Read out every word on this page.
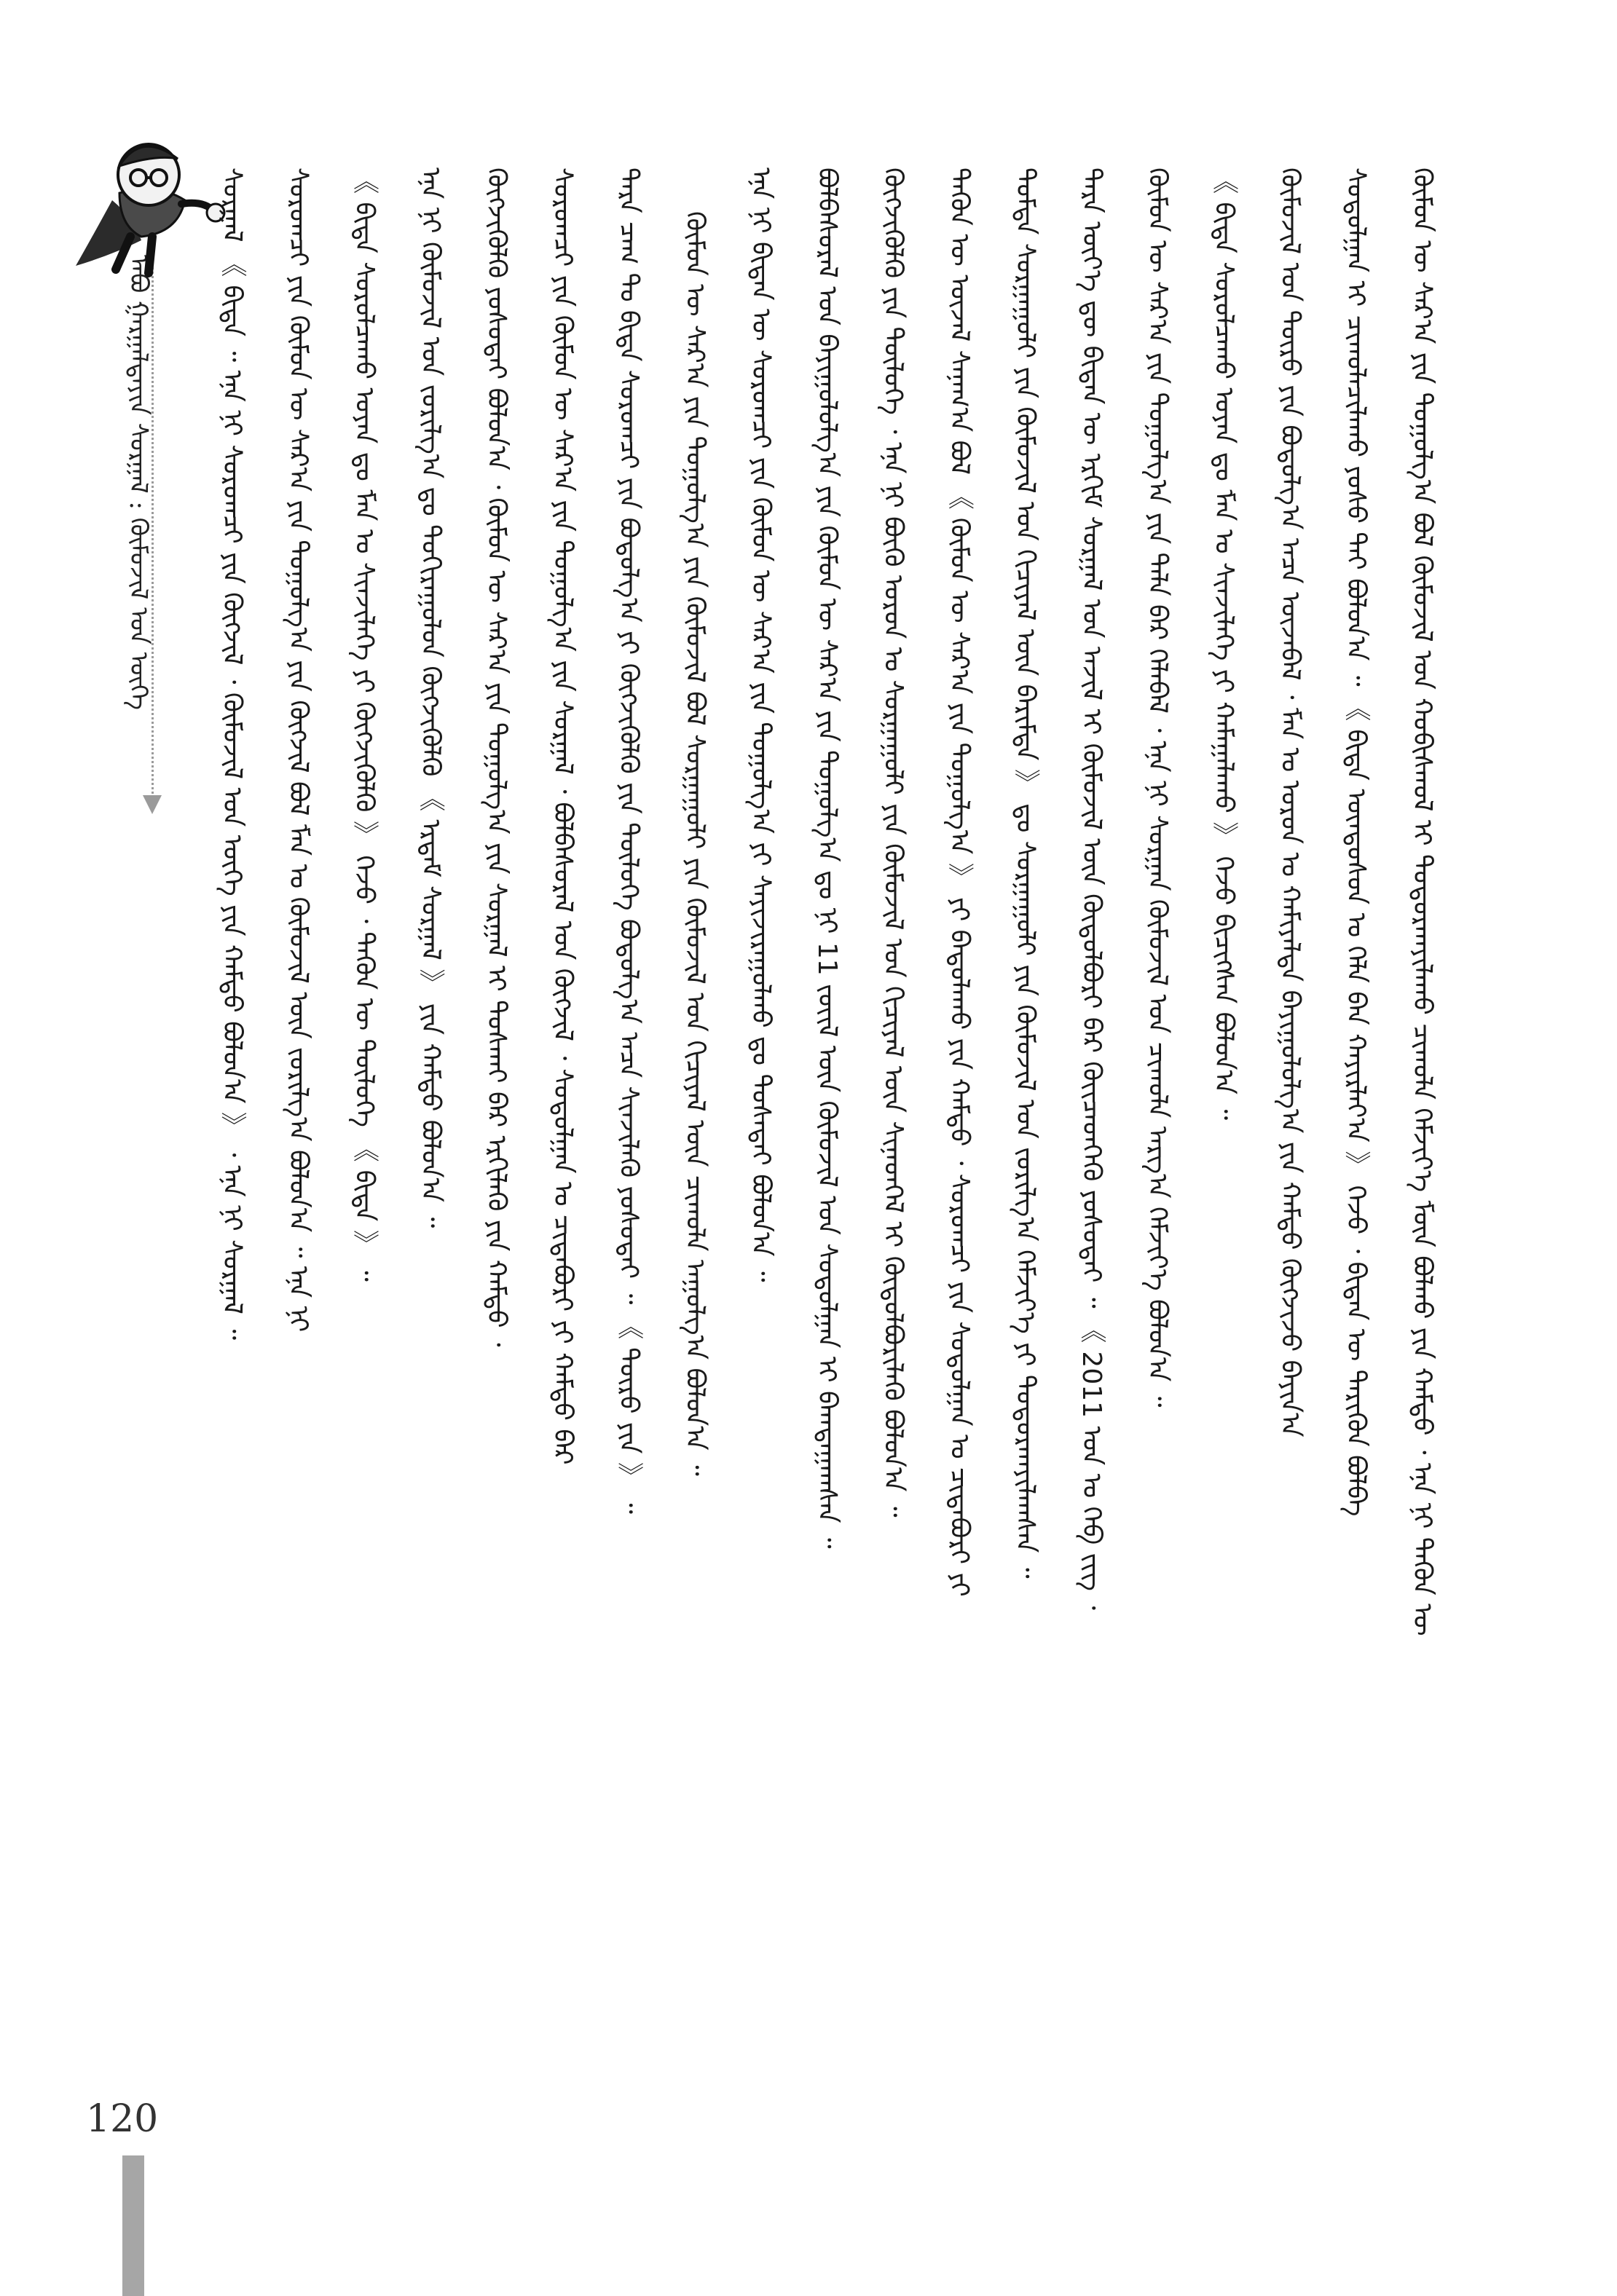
ᠠᠪᠤ ᠭᠠᠷᠭᠠᠯᠲᠠᠶᠢᠨ ᠰᠤᠷᠭᠠᠯ : ᠬᠦᠮᠦᠵᠢᠯ ᠤᠨ ᠦᠭᠡ
120
ᠬᠦᠮᠦᠨ ᠦ ᠰᠠᠷ᠎ᠠ ᠶᠢᠨ ᠲᠣᠭᠤᠯᠭ᠎ᠠ ᠪᠣᠯ ᠬᠦᠮᠦᠵᠢᠯ ᠤᠨ ᠬᠤᠪᠢᠰᠬᠤᠯ ᠢ ᠲᠣᠳᠣᠷᠬᠠᠶᠢᠯᠠᠬᠤ ᠴᠢᠬᠤᠯᠠ ᠬᠡᠮᠵᠢᠶ᠎ᠡ ᠮᠥᠨ ᠪᠣᠯᠬᠤ ᠶᠢᠨ ᠬᠠᠮᠲᠤ ᠂ ᠡᠨᠡ ᠨᠢ ᠲᠡᠭᠦᠨ ᠦ
ᠰᠤᠳᠤᠯᠭᠠᠨ ᠢ ᠴᠢᠬᠤᠯᠠᠴᠢᠯᠠᠬᠤ ᠶᠣᠰᠣ ᠲᠠᠢ ᠪᠣᠯᠤᠨ᠎ᠠ ᠃ 《 ᠪᠢᠳᠡ ᠦᠨᠳᠦᠰᠦᠨ ᠤ ᠬᠡᠯᠡ ᠪᠡᠨ ᠬᠠᠶᠢᠷᠯᠠᠶ᠎ᠠ 》 ᠭᠡᠵᠦ ᠂ ᠪᠢᠳᠡᠨ ᠦ ᠲᠡᠷᠢᠭᠦᠨ ᠪᠣᠯᠪᠠ
ᠬᠦᠮᠦᠵᠢᠯ ᠤᠨ ᠲᠦᠷᠦ ᠶᠢᠨ ᠪᠣᠳᠣᠯᠭ᠎ᠠ ᠠᠴᠠ ᠦᠵᠡᠪᠡᠯ ᠂ ᠮᠠᠨ ᠤ ᠣᠷᠣᠨ ᠤ ᠬᠠᠮᠢᠶᠠᠯᠲᠠ ᠪᠠᠶᠢᠭᠤᠯᠤᠯᠭ᠎ᠠ ᠶᠢᠨ ᠬᠠᠮᠲᠤ ᠬᠥᠭᠵᠢᠵᠦ ᠪᠠᠶᠢᠨ᠎ᠠ
《 ᠪᠢᠳᠡ ᠰᠤᠷᠤᠯᠴᠠᠬᠤ ᠤᠶᠠᠨ ᠳᠤ ᠮᠠᠨ ᠤ ᠰᠢᠨᠵᠢᠯᠡᠭᠡ ᠶᠢ ᠬᠠᠮᠠᠭᠠᠯᠠᠬᠤ 》 ᠭᠡᠵᠦ ᠪᠢᠴᠢᠭᠰᠡᠨ ᠪᠣᠯᠤᠨ᠎ᠠ ᠃
ᠬᠦᠮᠦᠨ ᠦ ᠰᠠᠷ᠎ᠠ ᠶᠢᠨ ᠲᠣᠭᠤᠯᠭ᠎ᠠ ᠶᠢᠨ ᠲᠠᠯᠠ ᠪᠠᠷ ᠬᠡᠯᠡᠪᠡᠯ ᠂ ᠡᠨᠡ ᠨᠢ ᠰᠤᠷᠭᠠᠨ ᠬᠦᠮᠦᠵᠢᠯ ᠤᠨ ᠴᠢᠬᠤᠯᠠ ᠠᠷᠭ᠎ᠠ ᠬᠡᠮᠵᠢᠶ᠎ᠡ ᠪᠣᠯᠤᠨ᠎ᠠ ᠃
ᠲᠡᠷᠡ ᠦᠶ᠎ᠡ ᠳᠦ ᠪᠢᠳᠡᠨ ᠦ ᠡᠷᠬᠢᠮ ᠰᠤᠷᠭᠠᠯ ᠤᠨ ᠠᠵᠢᠯ ᠢ ᠬᠦᠮᠦᠵᠢᠯ ᠦᠨ ᠬᠥᠲᠥᠯᠪᠦᠷᠢ ᠪᠡᠷ ᠭᠦᠢᠴᠡᠳᠬᠡᠬᠦ ᠶᠣᠰᠣᠲᠠᠢ ᠃ 《 2011 ᠣᠨ ᠤ ᠬᠡᠪ ᠵᠢᠭ ᠂
ᠳᠤᠮᠳᠠ ᠰᠤᠷᠭᠠᠭᠤᠯᠢ ᠶᠢᠨ ᠬᠦᠮᠦᠵᠢᠯ ᠤᠨ ᠬᠢᠴᠢᠶᠡᠯ ᠦᠨ ᠪᠠᠷᠢᠮᠲᠠ 》 ᠳᠤ ᠰᠤᠷᠭᠠᠭᠤᠯᠢ ᠶᠢᠨ ᠬᠦᠮᠦᠵᠢᠯ ᠤᠨ ᠵᠣᠷᠢᠯᠭ᠎ᠠ ᠬᠡᠮᠵᠢᠶ᠎ᠡ ᠶᠢ ᠲᠣᠳᠣᠷᠬᠠᠶᠢᠯᠠᠭᠰᠠᠨ ᠃
ᠲᠡᠭᠦᠨ ᠦ ᠦᠵᠡᠯ ᠰᠠᠨᠠᠭ᠎ᠠ ᠪᠣᠯ 《 ᠬᠦᠮᠦᠨ ᠦ ᠰᠠᠷ᠎ᠠ ᠶᠢᠨ ᠲᠣᠭᠤᠯᠭ᠎ᠠ 》 ᠶᠢ ᠪᠠᠲᠤᠯᠠᠬᠤ ᠶᠢᠨ ᠬᠠᠮᠲᠤ ᠂ ᠰᠤᠷᠤᠭᠴᠢ ᠶᠢᠨ ᠰᠤᠳᠤᠯᠭᠠᠨ ᠤ ᠴᠢᠳᠠᠪᠤᠷᠢ ᠶᠢ
ᠬᠥᠭᠵᠢᠭᠦᠯᠬᠦ ᠶᠢᠨ ᠲᠥᠯᠥᠭᠡ ᠂ ᠡᠨᠡ ᠨᠢ ᠪᠦᠬᠦ ᠣᠷᠣᠨ ᠤ ᠰᠤᠷᠭᠠᠭᠤᠯᠢ ᠶᠢᠨ ᠬᠦᠮᠦᠵᠢᠯ ᠤᠨ ᠬᠢᠴᠢᠶᠡᠯ ᠦᠨ ᠰᠢᠨᠡᠳᠬᠡᠯ ᠢ ᠬᠥᠲᠥᠯᠪᠦᠷᠢᠯᠡᠬᠦ ᠪᠣᠯᠤᠨ᠎ᠠ ᠃
ᠪᠣᠯᠪᠠᠰᠤᠷᠠᠯ ᠤᠨ ᠪᠠᠶᠢᠭᠤᠯᠤᠯᠭ᠎ᠠ ᠶᠢᠨ ᠬᠦᠮᠦᠨ ᠦ ᠰᠠᠷ᠎ᠠ ᠶᠢᠨ ᠲᠣᠭᠤᠯᠭ᠎ᠠ ᠳᠤ ᠨᠢ 11 ᠵᠦᠢᠯ ᠦᠨ ᠬᠦᠮᠦᠵᠢᠯ ᠤᠨ ᠰᠤᠳᠤᠯᠭᠠᠨ ᠢ ᠪᠠᠭᠲᠠᠭᠠᠭᠰᠠᠨ ᠃
ᠡᠨᠡ ᠨᠢ ᠪᠢᠳᠡᠨ ᠦ ᠰᠤᠷᠤᠭᠴᠢ ᠶᠢᠨ ᠬᠦᠮᠦᠨ ᠦ ᠰᠠᠷ᠎ᠠ ᠶᠢᠨ ᠲᠣᠭᠤᠯᠭ᠎ᠠ ᠶᠢ ᠰᠠᠶᠢᠵᠢᠷᠠᠭᠤᠯᠬᠤ ᠳᠤ ᠲᠣᠰᠠᠲᠠᠢ ᠪᠣᠯᠤᠨ᠎ᠠ ᠃
ᠬᠦᠮᠦᠨ ᠦ ᠰᠠᠷ᠎ᠠ ᠶᠢᠨ ᠲᠣᠭᠤᠯᠭ᠎ᠠ ᠶᠢᠨ ᠬᠦᠮᠦᠵᠢᠯ ᠪᠣᠯ ᠰᠤᠷᠭᠠᠭᠤᠯᠢ ᠶᠢᠨ ᠬᠦᠮᠦᠵᠢᠯ ᠤᠨ ᠬᠢᠴᠢᠶᠡᠯ ᠦᠨ ᠴᠢᠬᠤᠯᠠ ᠠᠭᠤᠯᠭ᠎ᠠ ᠪᠣᠯᠤᠨ᠎ᠠ ᠃
ᠲᠡᠷᠡ ᠴᠠᠭ ᠲᠤ ᠪᠢᠳᠡ ᠰᠤᠷᠤᠭᠴᠢ ᠶᠢᠨ ᠪᠣᠳᠣᠯᠭ᠎ᠠ ᠶᠢ ᠬᠥᠭᠵᠢᠭᠦᠯᠬᠦ ᠶᠢᠨ ᠲᠥᠯᠥᠭᠡ ᠪᠣᠳᠣᠯᠭ᠎ᠠ ᠠᠴᠠ ᠰᠢᠨᠵᠢᠯᠡᠬᠦ ᠶᠣᠰᠣᠲᠠᠢ ᠃ 《 ᠲᠦᠷᠦ ᠶᠢᠨ 》 ᠃
ᠰᠤᠷᠤᠭᠴᠢ ᠶᠢᠨ ᠬᠦᠮᠦᠨ ᠦ ᠰᠠᠷ᠎ᠠ ᠶᠢᠨ ᠲᠣᠭᠤᠯᠭ᠎ᠠ ᠶᠢᠨ ᠰᠤᠷᠭᠠᠯ ᠂ ᠪᠣᠯᠪᠠᠰᠤᠷᠠᠯ ᠤᠨ ᠬᠥᠭᠵᠢᠯ ᠂ ᠰᠤᠳᠤᠯᠭᠠᠨ ᠤ ᠴᠢᠳᠠᠪᠤᠷᠢ ᠶᠢ ᠬᠠᠮᠲᠤ ᠪᠠᠷ
ᠬᠥᠭᠵᠢᠭᠦᠯᠬᠦ ᠶᠣᠰᠣᠲᠠᠢ ᠪᠣᠯᠤᠨ᠎ᠠ ᠂ ᠬᠦᠮᠦᠨ ᠦ ᠰᠠᠷ᠎ᠠ ᠶᠢᠨ ᠲᠣᠭᠤᠯᠭ᠎ᠠ ᠶᠢᠨ ᠰᠤᠷᠭᠠᠯ ᠢ ᠲᠤᠰᠬᠠᠢ ᠪᠠᠷ ᠡᠷᠬᠢᠯᠡᠬᠦ ᠶᠢᠨ ᠬᠠᠮᠲᠤ ᠂
ᠡᠨᠡ ᠨᠢ ᠬᠦᠮᠦᠵᠢᠯ ᠤᠨ ᠵᠣᠷᠢᠯᠭ᠎ᠠ ᠳᠤ ᠲᠣᠬᠢᠷᠠᠭᠤᠯᠤᠨ ᠬᠥᠭᠵᠢᠭᠦᠯᠬᠦ 《 ᠡᠷᠳᠡᠮ ᠰᠤᠷᠭᠠᠯ 》 ᠶᠢᠨ ᠬᠠᠮᠲᠤ ᠪᠣᠯᠤᠨ᠎ᠠ ᠃
《 ᠪᠢᠳᠡ ᠰᠤᠷᠤᠯᠴᠠᠬᠤ ᠤᠶᠠᠨ ᠳᠤ ᠮᠠᠨ ᠤ ᠰᠢᠨᠵᠢᠯᠡᠭᠡ ᠶᠢ ᠬᠥᠭᠵᠢᠭᠦᠯᠬᠦ 》 ᠭᠡᠵᠦ ᠂ ᠲᠡᠭᠦᠨ ᠦ ᠲᠥᠯᠥᠭᠡ 《 ᠪᠢᠳᠡ 》 ᠃
ᠰᠤᠷᠤᠭᠴᠢ ᠶᠢᠨ ᠬᠦᠮᠦᠨ ᠦ ᠰᠠᠷ᠎ᠠ ᠶᠢᠨ ᠲᠣᠭᠤᠯᠭ᠎ᠠ ᠶᠢᠨ ᠬᠥᠭᠵᠢᠯ ᠪᠣᠯ ᠮᠠᠨ ᠤ ᠬᠦᠮᠦᠵᠢᠯ ᠦᠨ ᠵᠣᠷᠢᠯᠭ᠎ᠠ ᠪᠣᠯᠤᠨ᠎ᠠ ᠃ ᠡᠨᠡ ᠨᠢ
ᠰᠤᠷᠭᠠᠯ 《 ᠪᠢᠳᠡ ᠃ ᠡᠨᠡ ᠨᠢ ᠰᠤᠷᠤᠭᠴᠢ ᠶᠢᠨ ᠬᠥᠭᠵᠢᠯ ᠂ ᠬᠦᠮᠦᠵᠢᠯ ᠤᠨ ᠦᠭᠡ ᠶᠢᠨ ᠬᠠᠮᠲᠤ ᠪᠣᠯᠤᠨ᠎ᠠ 》 ᠂ ᠡᠨᠡ ᠨᠢ ᠰᠤᠷᠭᠠᠯ ᠃
